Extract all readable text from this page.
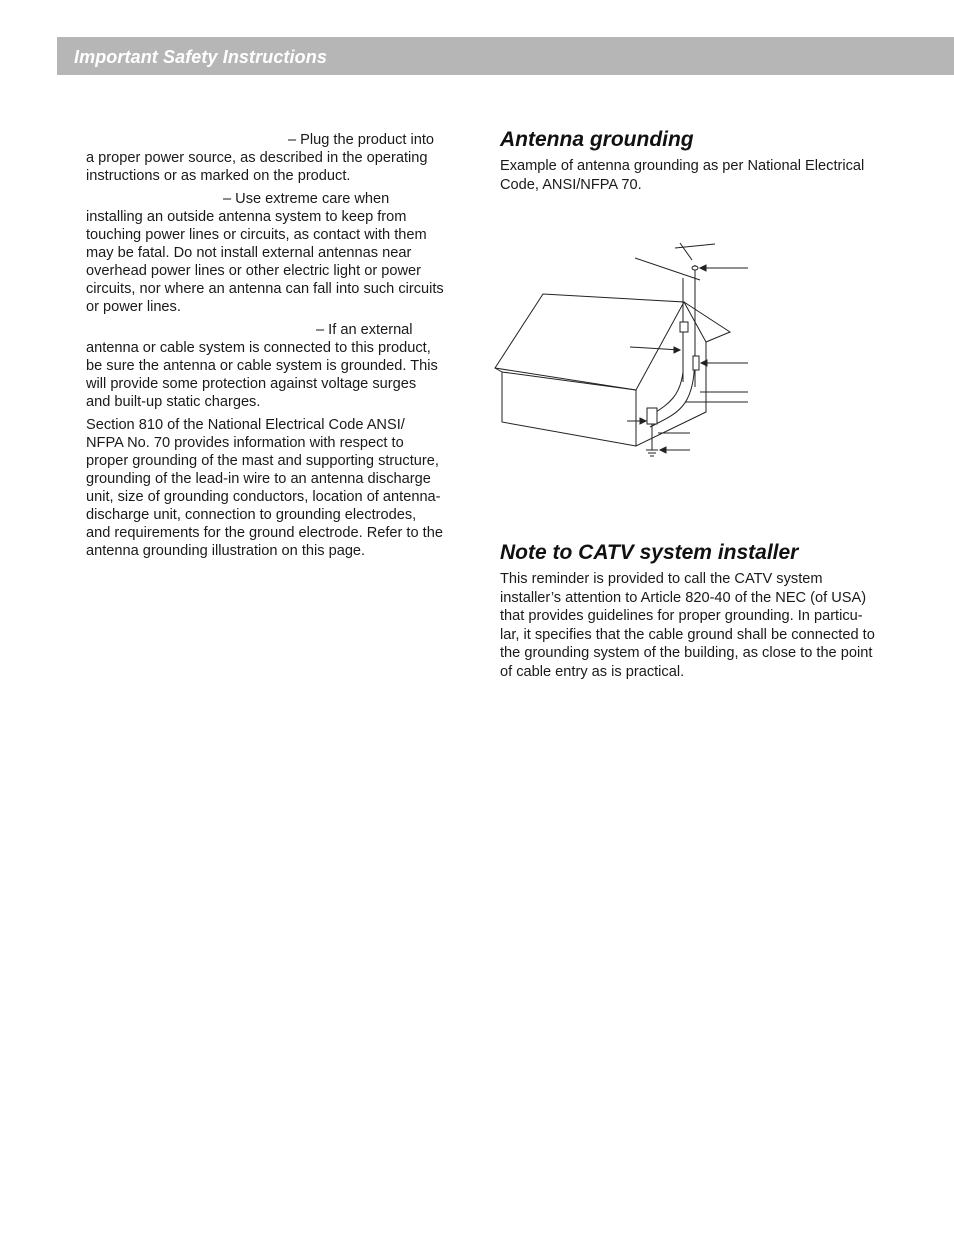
Important Safety Instructions

– Plug the product into a proper power source, as described in the operating instructions or as marked on the product.

– Use extreme care when installing an outside antenna system to keep from touching power lines or circuits, as contact with them may be fatal. Do not install external antennas near overhead power lines or other electric light or power circuits, nor where an antenna can fall into such circuits or power lines.

– If an external antenna or cable system is connected to this product, be sure the antenna or cable system is grounded. This will provide some protection against voltage surges and built-up static charges.

Section 810 of the National Electrical Code ANSI/ NFPA No. 70 provides information with respect to proper grounding of the mast and supporting structure, grounding of the lead-in wire to an antenna discharge unit, size of grounding conductors, location of antenna-discharge unit, connection to grounding electrodes, and requirements for the ground electrode. Refer to the antenna grounding illustration on this page.

Antenna grounding

Example of antenna grounding as per National Electrical Code, ANSI/NFPA 70.

Note to CATV system installer

This reminder is provided to call the CATV system installer’s attention to Article 820-40 of the NEC (of USA) that provides guidelines for proper grounding. In particu-lar, it specifies that the cable ground shall be connected to the grounding system of the building, as close to the point of cable entry as is practical.
